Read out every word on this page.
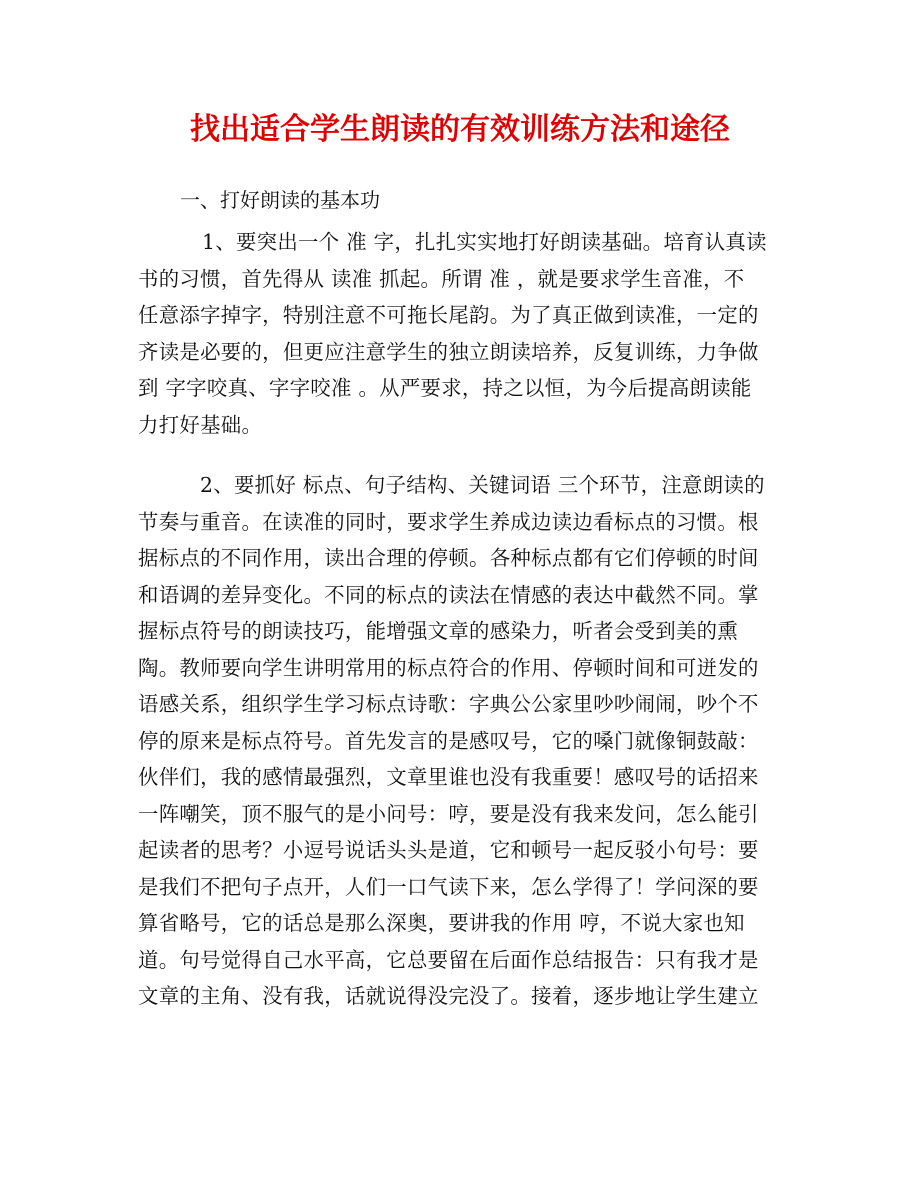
找出适合学生朗读的有效训练方法和途径

一、打好朗读的基本功

1、要突出一个 准 字，扎扎实实地打好朗读基础。培育认真读
书的习惯，首先得从 读准 抓起。所谓 准 ，就是要求学生音准，不
任意添字掉字，特别注意不可拖长尾韵。为了真正做到读准，一定的
齐读是必要的，但更应注意学生的独立朗读培养，反复训练，力争做
到 字字咬真、字字咬准 。从严要求，持之以恒，为今后提高朗读能
力打好基础。
2、要抓好 标点、句子结构、关键词语 三个环节，注意朗读的
节奏与重音。在读准的同时，要求学生养成边读边看标点的习惯。根
据标点的不同作用，读出合理的停顿。各种标点都有它们停顿的时间
和语调的差异变化。不同的标点的读法在情感的表达中截然不同。掌
握标点符号的朗读技巧，能增强文章的感染力，听者会受到美的熏
陶。教师要向学生讲明常用的标点符合的作用、停顿时间和可迸发的
语感关系，组织学生学习标点诗歌：字典公公家里吵吵闹闹，吵个不
停的原来是标点符号。首先发言的是感叹号，它的嗓门就像铜鼓敲：
伙伴们，我的感情最强烈，文章里谁也没有我重要！感叹号的话招来
一阵嘲笑，顶不服气的是小问号：哼，要是没有我来发问，怎么能引
起读者的思考？小逗号说话头头是道，它和顿号一起反驳小句号：要
是我们不把句子点开，人们一口气读下来，怎么学得了！学问深的要
算省略号，它的话总是那么深奥，要讲我的作用 哼，不说大家也知
道。句号觉得自己水平高，它总要留在后面作总结报告：只有我才是
文章的主角、没有我，话就说得没完没了。接着，逐步地让学生建立
